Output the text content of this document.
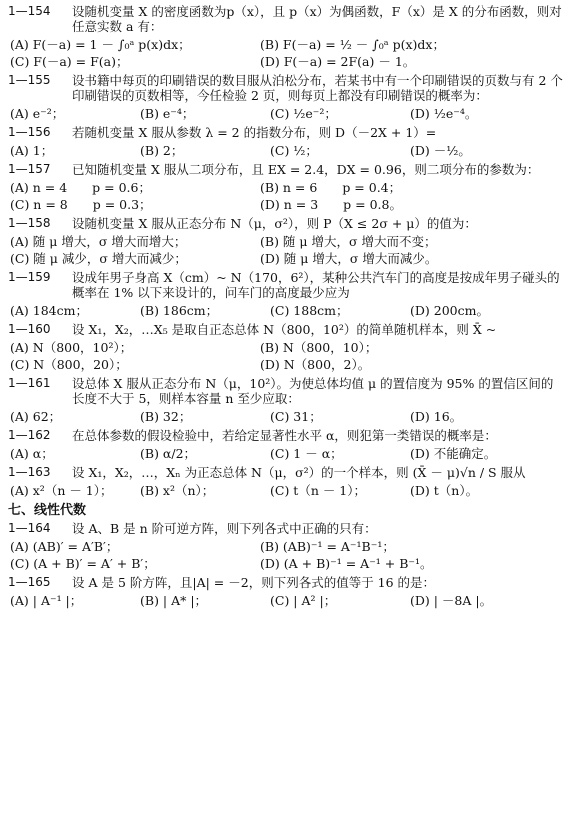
1—154	设随机变量 X 的密度函数为p（x），且 p（x）为偶函数，F（x）是 X 的分布函数，则对任意实数 a 有：
(A) F(－a) = 1 － ∫₀ᵃ p(x)dx；	(B) F(－a) = ½ － ∫₀ᵃ p(x)dx；
(C) F(－a) = F(a)；	(D) F(－a) = 2F(a) － 1。
1—155	设书籍中每页的印刷错误的数目服从泊松分布，若某书中有一个印刷错误的页数与有 2 个印刷错误的页数相等，今任检验 2 页，则每页上都没有印刷错误的概率为：
(A) e⁻²；	(B) e⁻⁴；	(C) ½e⁻²；	(D) ½e⁻⁴。
1—156	若随机变量 X 服从参数 λ = 2 的指数分布，则 D（－2X + 1）=
(A) 1；	(B) 2；	(C) ½；	(D) －½。
1—157	已知随机变量 X 服从二项分布，且 EX = 2.4，DX = 0.96，则二项分布的参数为：
(A) n = 4　　p = 0.6；	(B) n = 6　　p = 0.4；
(C) n = 8　　p = 0.3；	(D) n = 3　　p = 0.8。
1—158	设随机变量 X 服从正态分布 N（μ，σ²），则 P（X ≤ 2σ + μ）的值为：
(A) 随 μ 增大，σ 增大而增大；	(B) 随 μ 增大，σ 增大而不变；
(C) 随 μ 减少，σ 增大而减少；	(D) 随 μ 增大，σ 增大而减少。
1—159	设成年男子身高 X（cm）~ N（170，6²），某种公共汽车门的高度是按成年男子碰头的概率在 1% 以下来设计的，问车门的高度最少应为
(A) 184cm；	(B) 186cm；	(C) 188cm；	(D) 200cm。
1—160	设 X₁，X₂，…X₅ 是取自正态总体 N（800，10²）的简单随机样本，则 X̄ ~
(A) N（800，10²）；	(B) N（800，10）；
(C) N（800，20）；	(D) N（800，2）。
1—161	设总体 X 服从正态分布 N（μ，10²）。为使总体均值 μ 的置信度为 95% 的置信区间的长度不大于 5，则样本容量 n 至少应取：
(A) 62；	(B) 32；	(C) 31；	(D) 16。
1—162	在总体参数的假设检验中，若给定显著性水平 α，则犯第一类错误的概率是：
(A) α；	(B) α/2；	(C) 1 － α；	(D) 不能确定。
1—163	设 X₁，X₂，…，Xₙ 为正态总体 N（μ，σ²）的一个样本，则 (X̄ － μ)√n / S 服从
(A) x²（n － 1）；	(B) x²（n）；	(C) t（n － 1）；	(D) t（n）。
七、线性代数
1—164	设 A、B 是 n 阶可逆方阵，则下列各式中正确的只有：
(A) (AB)′ = A′B′；	(B) (AB)⁻¹ = A⁻¹B⁻¹；
(C) (A + B)′ = A′ + B′；	(D) (A + B)⁻¹ = A⁻¹ + B⁻¹。
1—165	设 A 是 5 阶方阵，且|A| = －2，则下列各式的值等于 16 的是：
(A) | A⁻¹ |；	(B) | A* |；	(C) | A² |；	(D) | －8A |。
